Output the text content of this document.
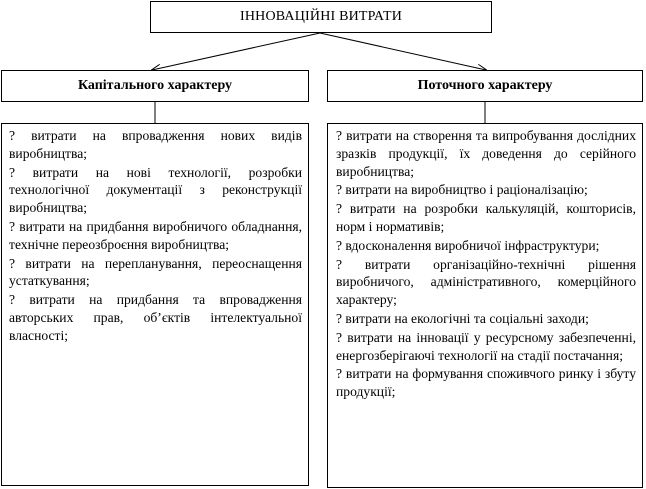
ІННОВАЦІЙНІ ВИТРАТИ
Капітального характеру	Поточного характеру
? витрати на впровадження нових видів виробництва;
? витрати на нові технології, розробки технологічної документації з реконструкції виробництва;
? витрати на придбання виробничого обладнання, технічне переозброєння виробництва;
? витрати на перепланування, переоснащення устаткування;
? витрати на придбання та впровадження авторських прав, об’єктів інтелектуальної власності;
? витрати на створення та випробування дослідних зразків продукції, їх доведення до серійного виробництва;
? витрати на виробництво і раціоналізацію;
? витрати на розробки калькуляцій, кошторисів, норм і нормативів;
? вдосконалення виробничої інфраструктури;
? витрати організаційно-технічні рішення виробничого, адміністративного, комерційного характеру;
? витрати на екологічні та соціальні заходи;
? витрати на інновації у ресурсному забезпеченні, енергозберігаючі технології на стадії постачання;
? витрати на формування споживчого ринку і збуту продукції;
